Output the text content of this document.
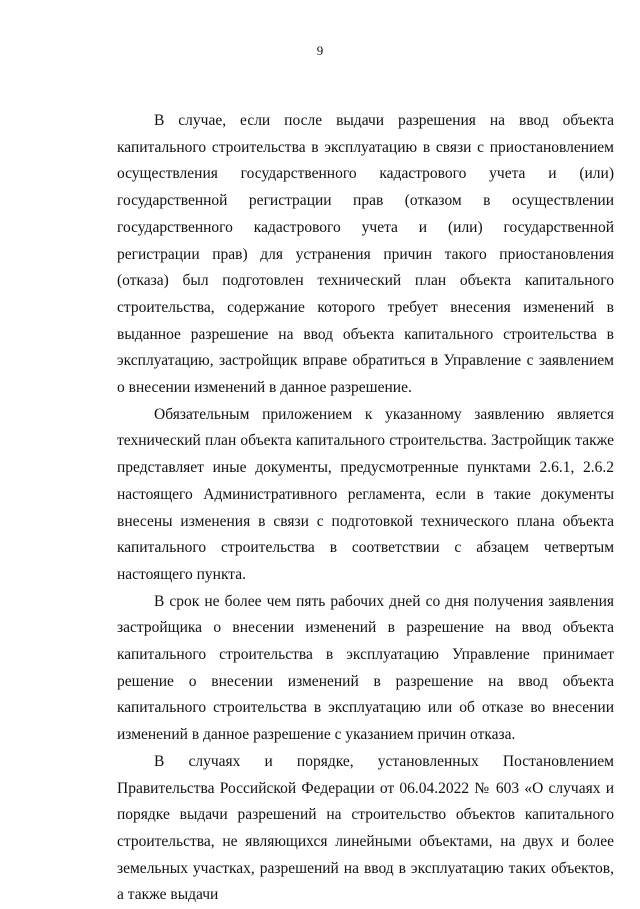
9

В случае, если после выдачи разрешения на ввод объекта капитального строительства в эксплуатацию в связи с приостановлением осуществления государственного кадастрового учета и (или) государственной регистрации прав (отказом в осуществлении государственного кадастрового учета и (или) государственной регистрации прав) для устранения причин такого приостановления (отказа) был подготовлен технический план объекта капитального строительства, содержание которого требует внесения изменений в выданное разрешение на ввод объекта капитального строительства в эксплуатацию, застройщик вправе обратиться в Управление с заявлением о внесении изменений в данное разрешение.

Обязательным приложением к указанному заявлению является технический план объекта капитального строительства. Застройщик также представляет иные документы, предусмотренные пунктами 2.6.1, 2.6.2 настоящего Административного регламента, если в такие документы внесены изменения в связи с подготовкой технического плана объекта капитального строительства в соответствии с абзацем четвертым настоящего пункта.

В срок не более чем пять рабочих дней со дня получения заявления застройщика о внесении изменений в разрешение на ввод объекта капитального строительства в эксплуатацию Управление принимает решение о внесении изменений в разрешение на ввод объекта капитального строительства в эксплуатацию или об отказе во внесении изменений в данное разрешение с указанием причин отказа.

В случаях и порядке, установленных Постановлением Правительства Российской Федерации от 06.04.2022 № 603 «О случаях и порядке выдачи разрешений на строительство объектов капитального строительства, не являющихся линейными объектами, на двух и более земельных участках, разрешений на ввод в эксплуатацию таких объектов, а также выдачи
